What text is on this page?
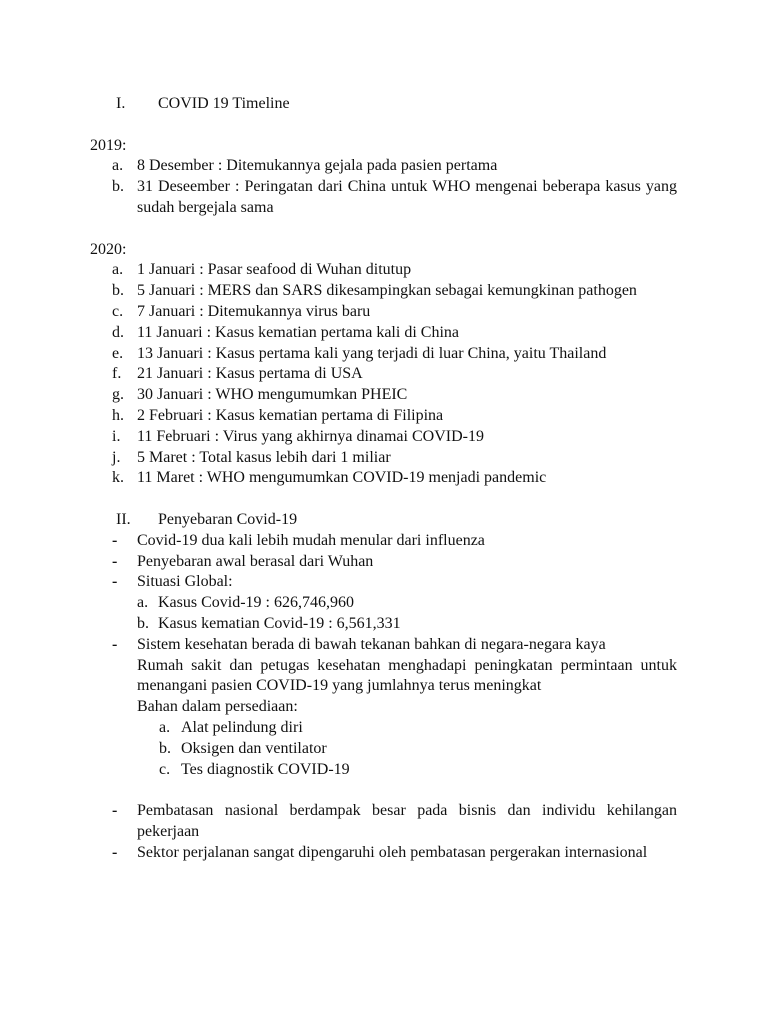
I. COVID 19 Timeline
2019:
a. 8 Desember : Ditemukannya gejala pada pasien pertama
b. 31 Deseember : Peringatan dari China untuk WHO mengenai beberapa kasus yang sudah bergejala sama
2020:
a. 1 Januari : Pasar seafood di Wuhan ditutup
b. 5 Januari : MERS dan SARS dikesampingkan sebagai kemungkinan pathogen
c. 7 Januari : Ditemukannya virus baru
d. 11 Januari : Kasus kematian pertama kali di China
e. 13 Januari : Kasus pertama kali yang terjadi di luar China, yaitu Thailand
f. 21 Januari : Kasus pertama di USA
g. 30 Januari : WHO mengumumkan PHEIC
h. 2 Februari : Kasus kematian pertama di Filipina
i. 11 Februari : Virus yang akhirnya dinamai COVID-19
j. 5 Maret : Total kasus lebih dari 1 miliar
k. 11 Maret : WHO mengumumkan COVID-19 menjadi pandemic
II. Penyebaran Covid-19
- Covid-19 dua kali lebih mudah menular dari influenza
- Penyebaran awal berasal dari Wuhan
- Situasi Global:
a. Kasus Covid-19 : 626,746,960
b. Kasus kematian Covid-19 : 6,561,331
- Sistem kesehatan berada di bawah tekanan bahkan di negara-negara kaya
Rumah sakit dan petugas kesehatan menghadapi peningkatan permintaan untuk menangani pasien COVID-19 yang jumlahnya terus meningkat
Bahan dalam persediaan:
a. Alat pelindung diri
b. Oksigen dan ventilator
c. Tes diagnostik COVID-19
- Pembatasan nasional berdampak besar pada bisnis dan individu kehilangan pekerjaan
- Sektor perjalanan sangat dipengaruhi oleh pembatasan pergerakan internasional
